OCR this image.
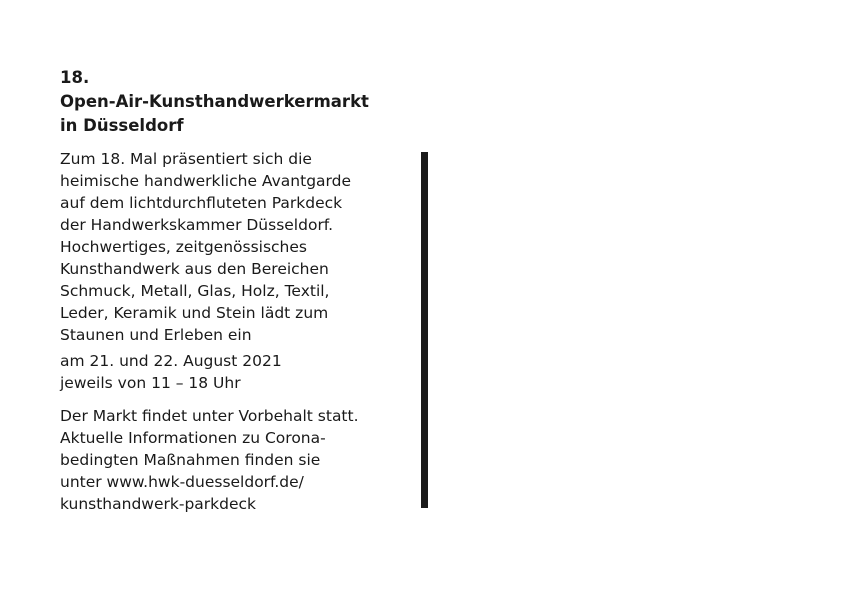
18.
Open-Air-Kunsthandwerkermarkt
in Düsseldorf

Zum 18. Mal präsentiert sich die
heimische handwerkliche Avantgarde
auf dem lichtdurchfluteten Parkdeck
der Handwerkskammer Düsseldorf.
Hochwertiges, zeitgenössisches
Kunsthandwerk aus den Bereichen
Schmuck, Metall, Glas, Holz, Textil,
Leder, Keramik und Stein lädt zum
Staunen und Erleben ein

am 21. und 22. August 2021
jeweils von 11 – 18 Uhr

Der Markt findet unter Vorbehalt statt.
Aktuelle Informationen zu Corona-
bedingten Maßnahmen finden sie
unter www.hwk-duesseldorf.de/
kunsthandwerk-parkdeck
